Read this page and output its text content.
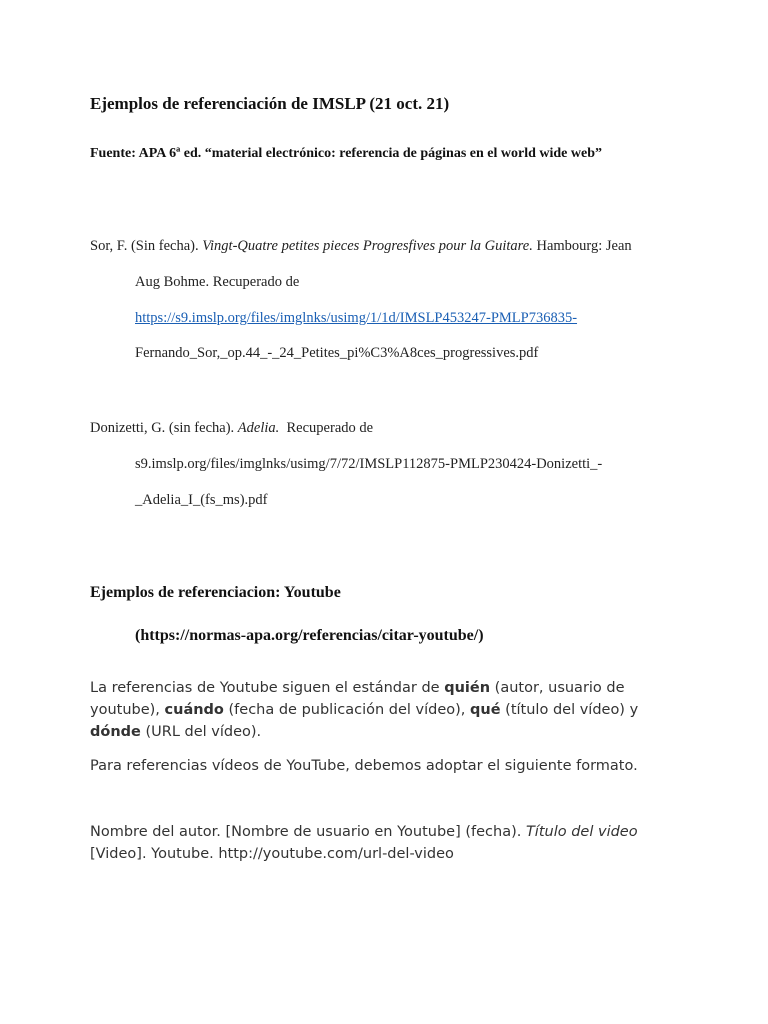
Ejemplos de referenciación de IMSLP (21 oct. 21)
Fuente: APA 6ª ed. “material electrónico: referencia de páginas en el world wide web”
Sor, F. (Sin fecha). Vingt-Quatre petites pieces Progresfives pour la Guitare. Hambourg: Jean
Aug Bohme. Recuperado de
https://s9.imslp.org/files/imglnks/usimg/1/1d/IMSLP453247-PMLP736835-
Fernando_Sor,_op.44_-_24_Petites_pi%C3%A8ces_progressives.pdf
Donizetti, G. (sin fecha). Adelia.  Recuperado de
s9.imslp.org/files/imglnks/usimg/7/72/IMSLP112875-PMLP230424-Donizetti_-
_Adelia_I_(fs_ms).pdf
Ejemplos de referenciacion: Youtube
(https://normas-apa.org/referencias/citar-youtube/)
La referencias de Youtube siguen el estándar de quién (autor, usuario de youtube), cuándo (fecha de publicación del vídeo), qué (título del vídeo) y dónde (URL del vídeo).
Para referencias vídeos de YouTube, debemos adoptar el siguiente formato.
Nombre del autor. [Nombre de usuario en Youtube] (fecha). Título del video [Video]. Youtube. http://youtube.com/url-del-video
